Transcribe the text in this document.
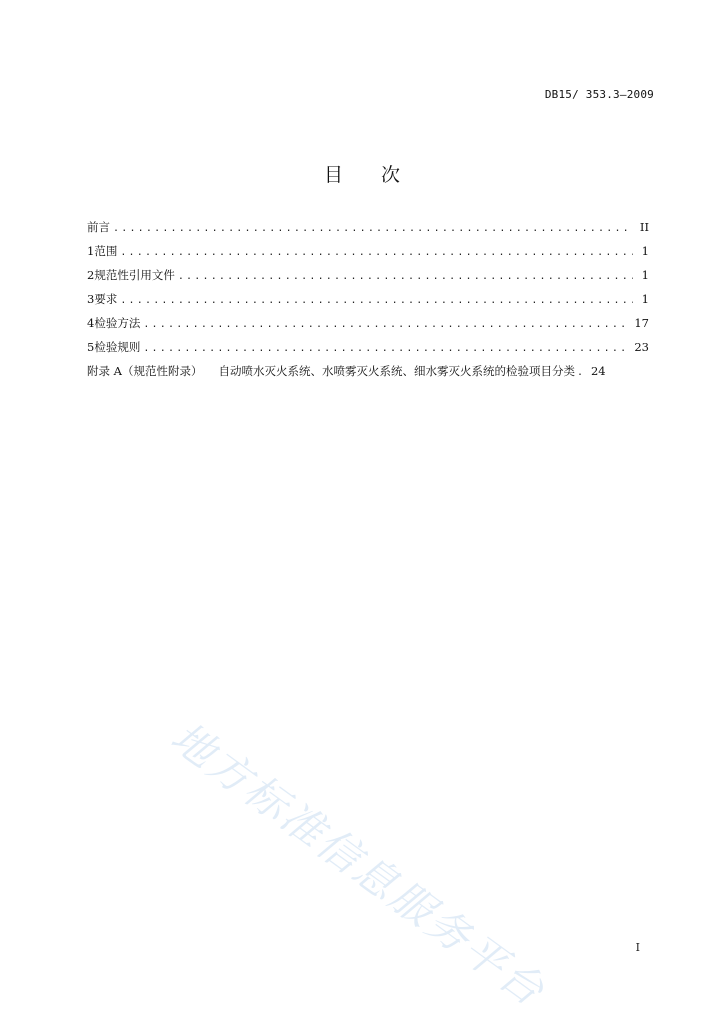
DB15/ 353.3—2009
目 次
前言 .....	II
1 范围 .....	1
2 规范性引用文件 .....	1
3 要求 .....	1
4 检验方法 .....	17
5 检验规则 .....	23
附录 A（规范性附录） 自动喷水灭火系统、水喷雾灭火系统、细水雾灭火系统的检验项目分类 ..... 24
地方标准信息服务平台	I
